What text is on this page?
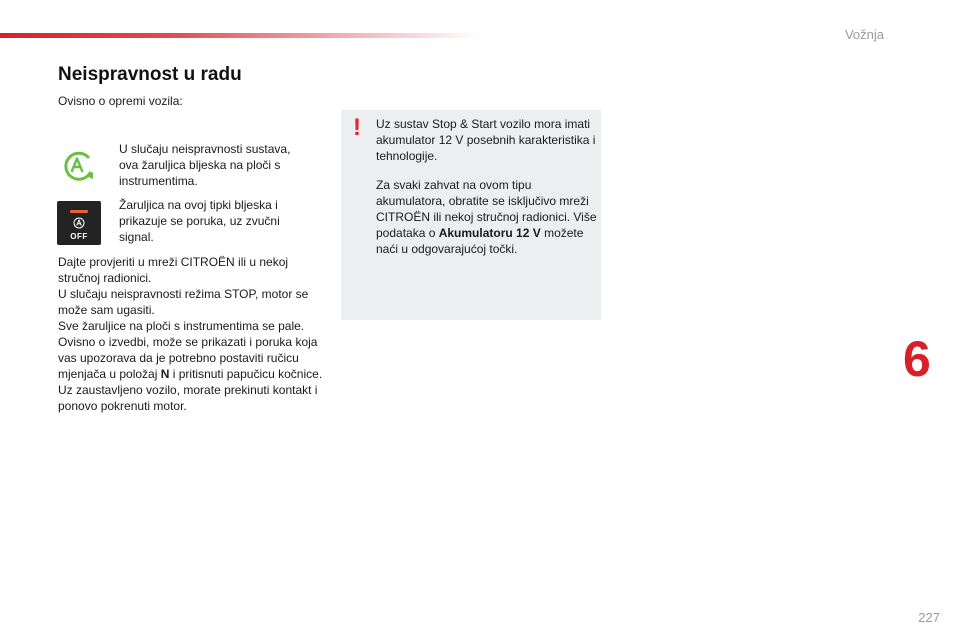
Vožnja
Neispravnost u radu
Ovisno o opremi vozila:
U slučaju neispravnosti sustava, ova žaruljica bljeska na ploči s instrumentima.
OFF
Žaruljica na ovoj tipki bljeska i prikazuje se poruka, uz zvučni signal.

Dajte provjeriti u mreži CITROËN ili u nekoj stručnoj radionici.

U slučaju neispravnosti režima STOP, motor se može sam ugasiti.

Sve žaruljice na ploči s instrumentima se pale.

Ovisno o izvedbi, može se prikazati i poruka koja vas upozorava da je potrebno postaviti ručicu mjenjača u položaj N i pritisnuti papučicu kočnice.

Uz zaustavljeno vozilo, morate prekinuti kontakt i ponovo pokrenuti motor.

! Uz sustav Stop & Start vozilo mora imati akumulator 12 V posebnih karakteristika i tehnologije.
Za svaki zahvat na ovom tipu akumulatora, obratite se isključivo mreži CITROËN ili nekoj stručnoj radionici. Više podataka o Akumulatoru 12 V možete naći u odgovarajućoj točki.
6
227
